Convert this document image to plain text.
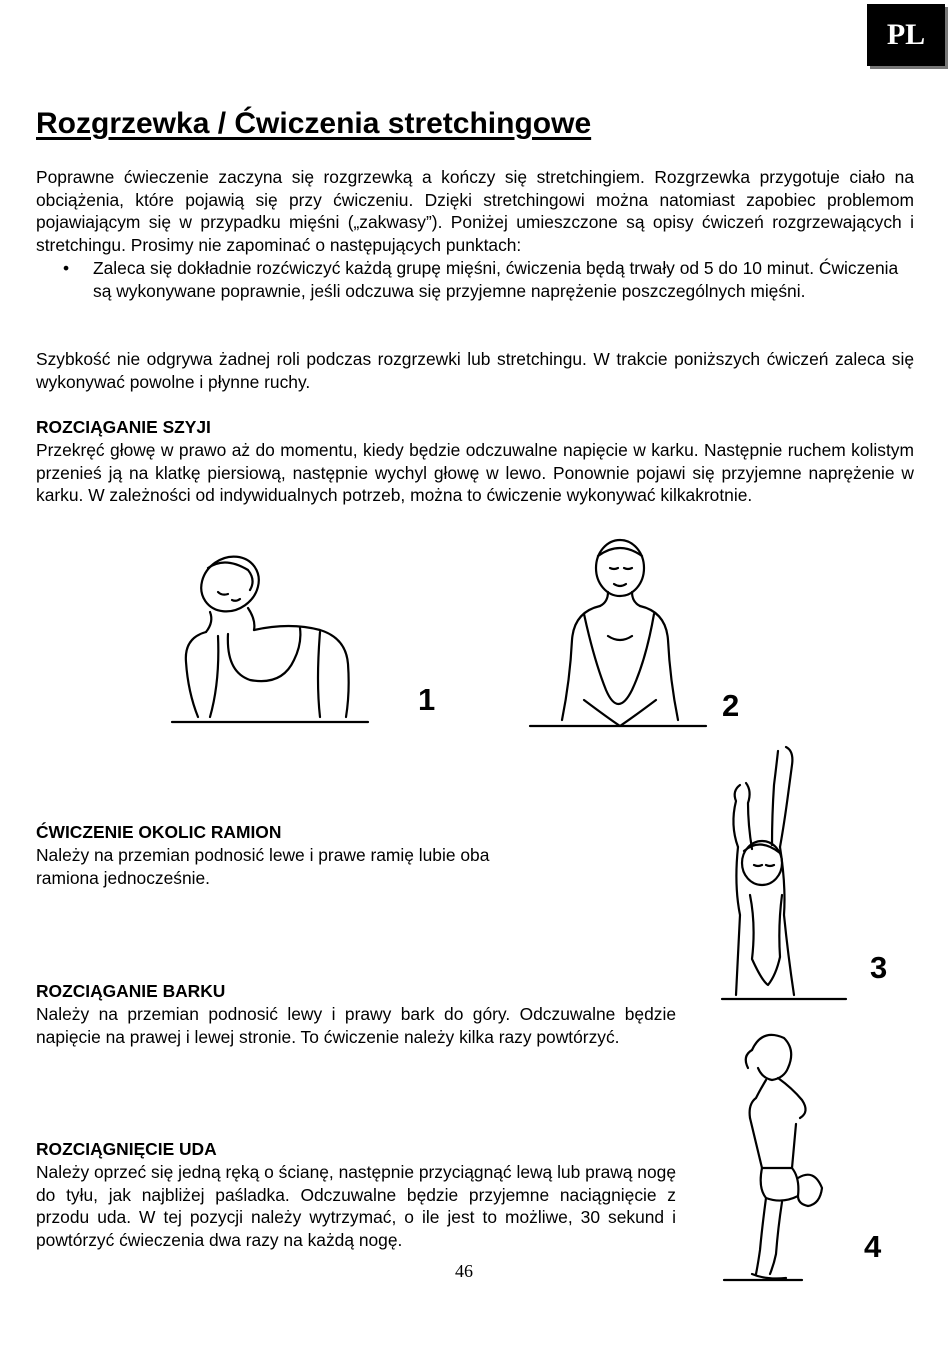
PL
Rozgrzewka / Ćwiczenia stretchingowe

Poprawne ćwieczenie zaczyna się rozgrzewką a kończy się stretchingiem. Rozgrzewka przygotuje ciało na obciążenia, które pojawią się przy ćwiczeniu. Dzięki stretchingowi można natomiast zapobiec problemom pojawiającym się w przypadku mięśni („zakwasy”). Poniżej umieszczone są opisy ćwiczeń rozgrzewających i stretchingu. Prosimy nie zapominać o następujących punktach:

• Zaleca się dokładnie rozćwiczyć każdą grupę mięśni, ćwiczenia będą trwały od 5 do 10 minut. Ćwiczenia są wykonywane poprawnie, jeśli odczuwa się przyjemne naprężenie poszczególnych mięśni.

Szybkość nie odgrywa żadnej roli podczas rozgrzewki lub stretchingu. W trakcie poniższych ćwiczeń zaleca się wykonywać powolne i płynne ruchy.

ROZCIĄGANIE SZYJI

Przekręć głowę w prawo aż do momentu, kiedy będzie odczuwalne napięcie w karku. Następnie ruchem kolistym przenieś ją na klatkę piersiową, następnie wychyl głowę w lewo. Ponownie pojawi się przyjemne naprężenie w karku. W zależności od indywidualnych potrzeb, można to ćwiczenie wykonywać kilkakrotnie.

1	2
ĆWICZENIE OKOLIC RAMION

Należy na przemian podnosić lewe i prawe ramię lubie oba
ramiona jednocześnie.

3
ROZCIĄGANIE BARKU

Należy na przemian podnosić lewy i prawy bark do góry. Odczuwalne będzie napięcie na prawej i lewej stronie. To ćwiczenie należy kilka razy powtórzyć.

4
ROZCIĄGNIĘCIE UDA

Należy oprzeć się jedną ręką o ścianę, następnie przyciągnąć lewą lub prawą nogę do tyłu, jak najbliżej paśladka. Odczuwalne będzie przyjemne naciągnięcie z przodu uda. W tej pozycji należy wytrzymać, o ile jest to możliwe, 30 sekund i powtórzyć ćwieczenia dwa razy na każdą nogę.

46
